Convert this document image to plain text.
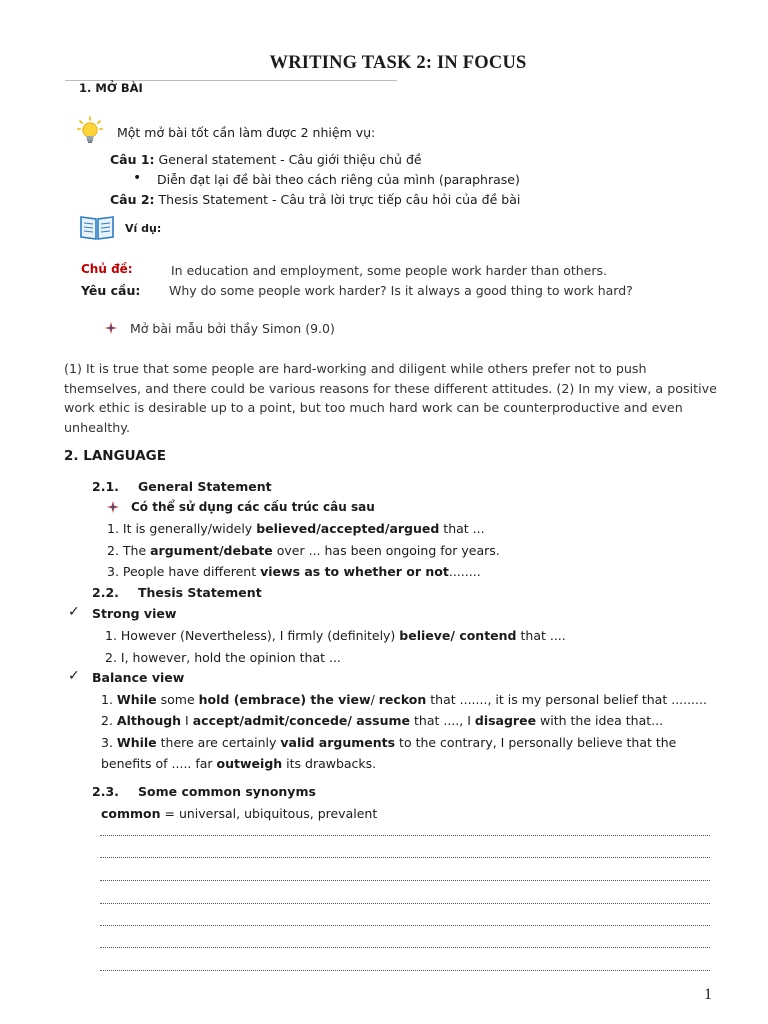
WRITING TASK 2: IN FOCUS
1. MỞ BÀI
Một mở bài tốt cần làm được 2 nhiệm vụ:
Câu 1: General statement - Câu giới thiệu chủ đề
• Diễn đạt lại đề bài theo cách riêng của mình (paraphrase)
Câu 2: Thesis Statement - Câu trả lời trực tiếp câu hỏi của đề bài
Ví dụ:
Chủ đề:	In education and employment, some people work harder than others.
Yêu cầu: Why do some people work harder? Is it always a good thing to work hard?
Mở bài mẫu bởi thầy Simon (9.0)
(1) It is true that some people are hard-working and diligent while others prefer not to push themselves, and there could be various reasons for these different attitudes. (2) In my view, a positive work ethic is desirable up to a point, but too much hard work can be counterproductive and even unhealthy.
2. LANGUAGE
2.1. General Statement
Có thể sử dụng các cấu trúc câu sau
1. It is generally/widely believed/accepted/argued that ...
2. The argument/debate over ... has been ongoing for years.
3. People have different views as to whether or not........
2.2. Thesis Statement
✓ Strong view
1. However (Nevertheless), I firmly (definitely) believe/ contend that ....
2. I, however, hold the opinion that ...
✓ Balance view
1. While some hold (embrace) the view/ reckon that ......., it is my personal belief that .........
2. Although I accept/admit/concede/ assume that ...., I disagree with the idea that...
3. While there are certainly valid arguments to the contrary, I personally believe that the
benefits of ..... far outweigh its drawbacks.
2.3. Some common synonyms
common = universal, ubiquitous, prevalent
1
